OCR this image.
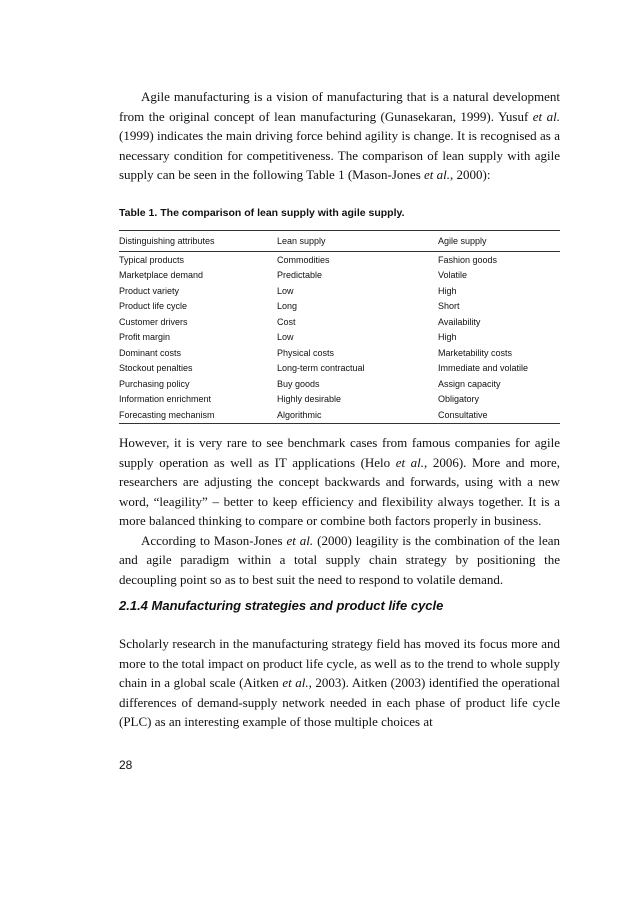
Agile manufacturing is a vision of manufacturing that is a natural development from the original concept of lean manufacturing (Gunasekaran, 1999). Yusuf et al. (1999) indicates the main driving force behind agility is change. It is recognised as a necessary condition for competitiveness. The comparison of lean supply with agile supply can be seen in the following Table 1 (Mason-Jones et al., 2000):

Table 1. The comparison of lean supply with agile supply.

Distinguishing attributes	Lean supply	Agile supply
Typical products	Commodities	Fashion goods
Marketplace demand	Predictable	Volatile
Product variety	Low	High
Product life cycle	Long	Short
Customer drivers	Cost	Availability
Profit margin	Low	High
Dominant costs	Physical costs	Marketability costs
Stockout penalties	Long-term contractual	Immediate and volatile
Purchasing policy	Buy goods	Assign capacity
Information enrichment	Highly desirable	Obligatory
Forecasting mechanism	Algorithmic	Consultative

However, it is very rare to see benchmark cases from famous companies for agile supply operation as well as IT applications (Helo et al., 2006). More and more, researchers are adjusting the concept backwards and forwards, using with a new word, “leagility” – better to keep efficiency and flexibility always together. It is a more balanced thinking to compare or combine both factors properly in business.

According to Mason-Jones et al. (2000) leagility is the combination of the lean and agile paradigm within a total supply chain strategy by positioning the decoupling point so as to best suit the need to respond to volatile demand.

2.1.4 Manufacturing strategies and product life cycle

Scholarly research in the manufacturing strategy field has moved its focus more and more to the total impact on product life cycle, as well as to the trend to whole supply chain in a global scale (Aitken et al., 2003). Aitken (2003) identified the operational differences of demand-supply network needed in each phase of product life cycle (PLC) as an interesting example of those multiple choices at

28
